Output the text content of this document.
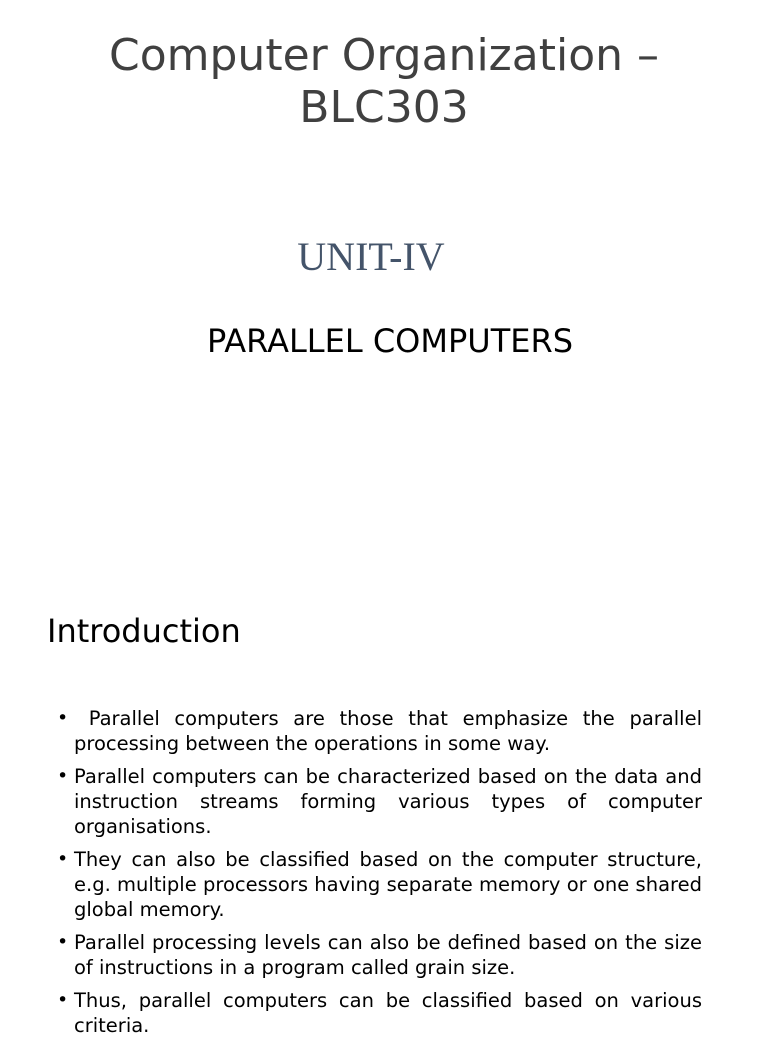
Computer Organization –
BLC303
UNIT-IV
PARALLEL COMPUTERS
Introduction
• Parallel computers are those that emphasize the parallel processing between the operations in some way.
• Parallel computers can be characterized based on the data and instruction streams forming various types of computer organisations.
• They can also be classified based on the computer structure, e.g. multiple processors having separate memory or one shared global memory.
• Parallel processing levels can also be defined based on the size of instructions in a program called grain size.
• Thus, parallel computers can be classified based on various criteria.
